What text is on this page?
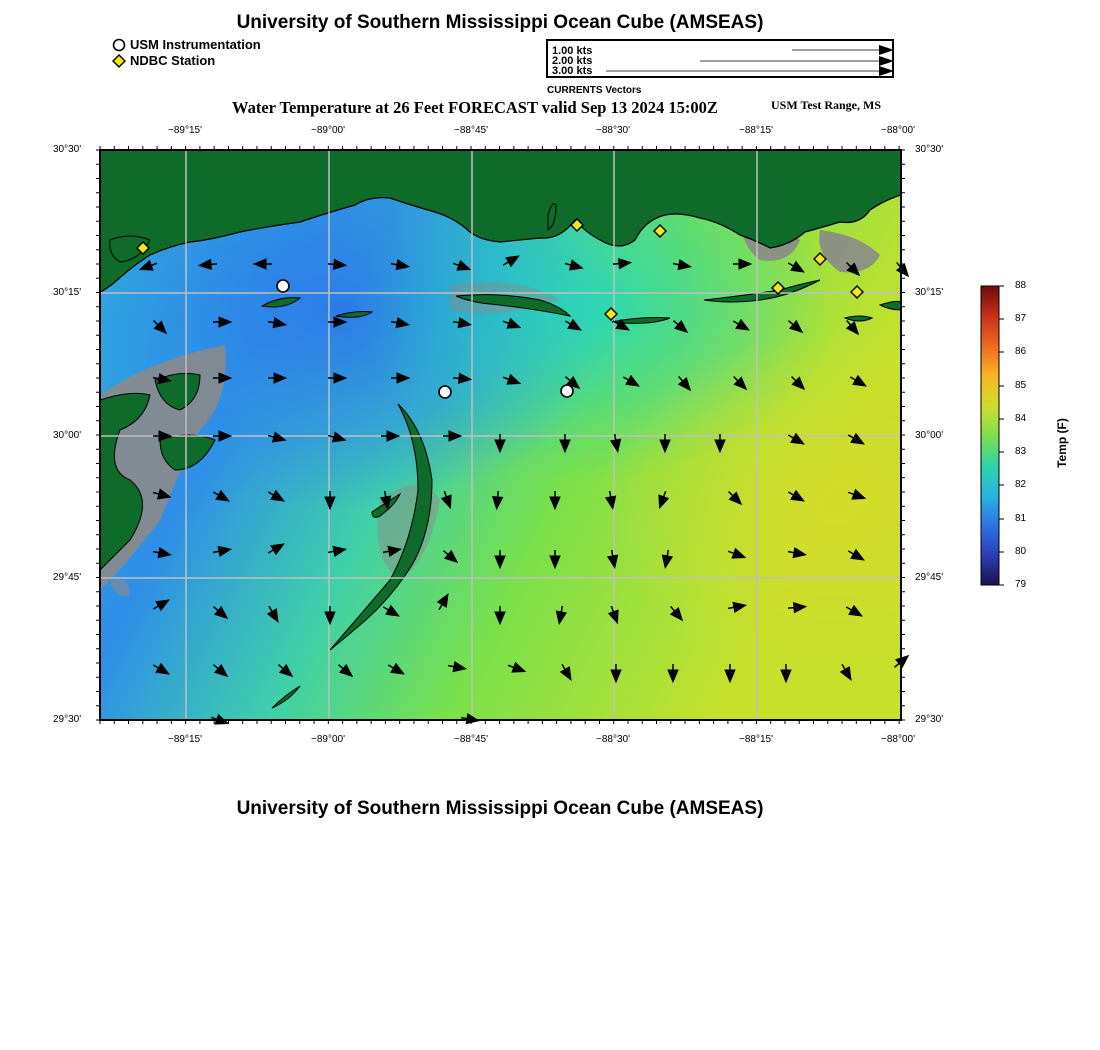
University of Southern Mississippi Ocean Cube (AMSEAS)
USM Instrumentation
NDBC Station
1.00 kts
2.00 kts
3.00 kts
CURRENTS Vectors
Water Temperature at 26 Feet FORECAST valid Sep 13 2024 15:00Z	USM Test Range, MS
−89°15'	−89°00'	−88°45'	−88°30'	−88°15'	−88°00'
−89°15'	−89°00'	−88°45'	−88°30'	−88°15'	−88°00'
30°30'
30°15'
30°00'
29°45'
29°30'
30°30'
30°15'
30°00'
29°45'
29°30'
88
87
86
85
84
83
82
81
80
79
Temp (F)
University of Southern Mississippi Ocean Cube (AMSEAS)
